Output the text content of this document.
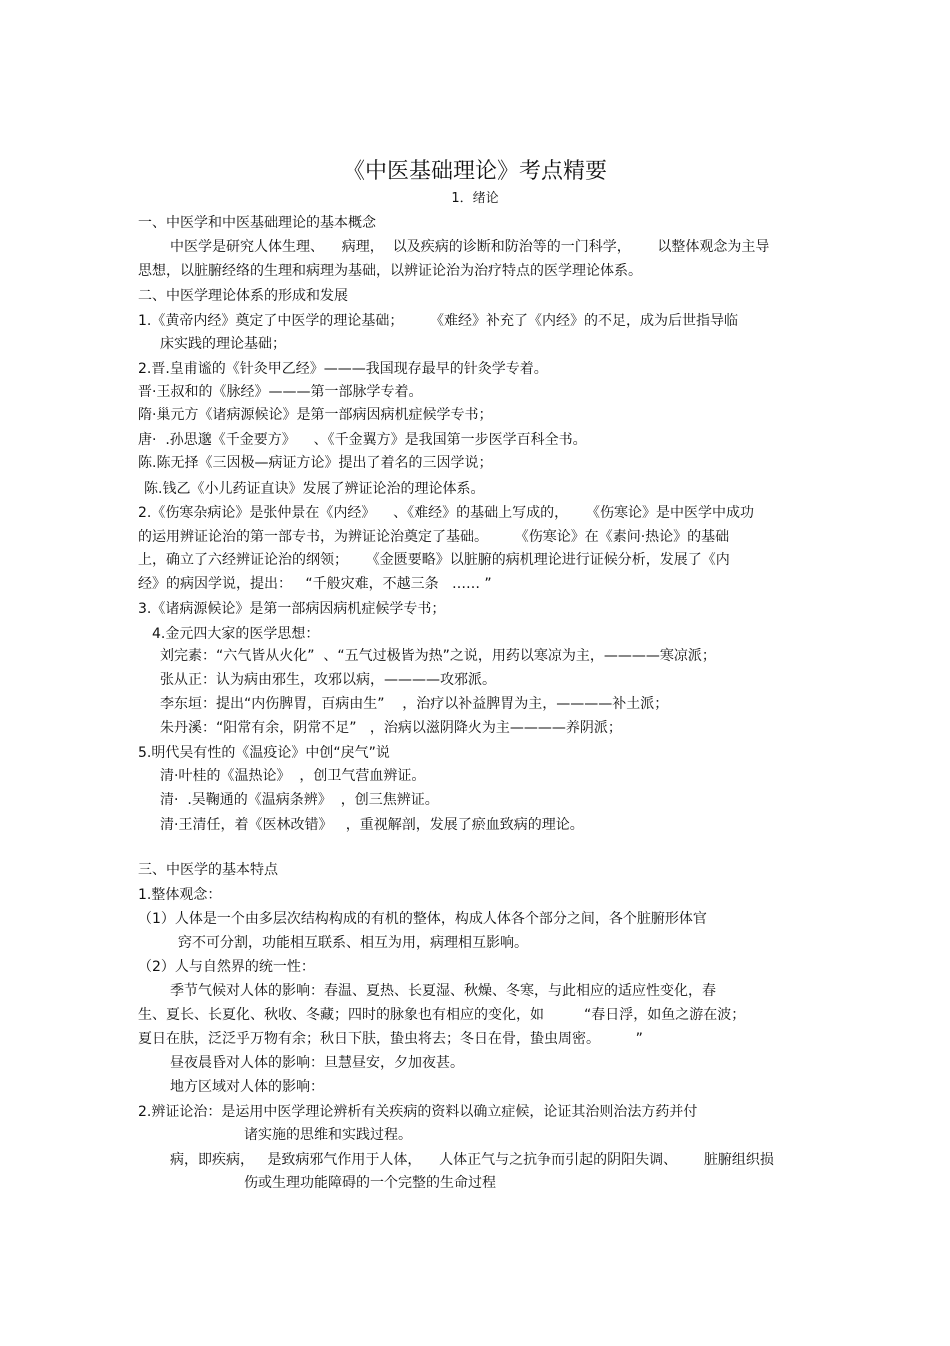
《中医基础理论》考点精要
1．绪论
一、中医学和中医基础理论的基本概念
中医学是研究人体生理、    病理，  以及疾病的诊断和防治等的一门科学，      以整体观念为主导
思想，以脏腑经络的生理和病理为基础，以辨证论治为治疗特点的医学理论体系。
二、中医学理论体系的形成和发展
1.《黄帝内经》奠定了中医学的理论基础；      《难经》补充了《内经》的不足，成为后世指导临
床实践的理论基础；
2.晋.皇甫谧的《针灸甲乙经》———我国现存最早的针灸学专着。
晋·王叔和的《脉经》———第一部脉学专着。
隋·巢元方《诸病源候论》是第一部病因病机症候学专书；
唐·  .孙思邈《千金要方》    、《千金翼方》是我国第一步医学百科全书。
陈.陈无择《三因极—病证方论》提出了着名的三因学说；
陈.钱乙《小儿药证直诀》发展了辨证论治的理论体系。
2.《伤寒杂病论》是张仲景在《内经》    、《难经》的基础上写成的，    《伤寒论》是中医学中成功
的运用辨证论治的第一部专书，为辨证论治奠定了基础。      《伤寒论》在《素问·热论》的基础
上，确立了六经辨证论治的纲领；    《金匮要略》以脏腑的病机理论进行证候分析，发展了《内
经》的病因学说，提出：   “千般灾难，不越三条   …… ”
3.《诸病源候论》是第一部病因病机症候学专书；
4.金元四大家的医学思想：
刘完素：“六气皆从火化”  、“五气过极皆为热”之说，用药以寒凉为主，————寒凉派；
张从正：认为病由邪生，攻邪以病，————攻邪派。
李东垣：提出“内伤脾胃，百病由生”    ，治疗以补益脾胃为主，————补土派；
朱丹溪：“阳常有余，阴常不足”   ，治病以滋阴降火为主————养阴派；
5.明代吴有性的《温疫论》中创“戾气”说
清·叶桂的《温热论》  ，创卫气营血辨证。
清·  .吴鞠通的《温病条辨》  ，创三焦辨证。
清·王清任，着《医林改错》   ，重视解剖，发展了瘀血致病的理论。
三、中医学的基本特点
1.整体观念：
（1）人体是一个由多层次结构构成的有机的整体，构成人体各个部分之间，各个脏腑形体官
窍不可分割，功能相互联系、相互为用，病理相互影响。
（2）人与自然界的统一性：
季节气候对人体的影响：春温、夏热、长夏湿、秋燥、冬寒，与此相应的适应性变化，春
生、夏长、长夏化、秋收、冬藏；四时的脉象也有相应的变化，如         “春日浮，如鱼之游在波；
夏日在肤，泛泛乎万物有余；秋日下肤，蛰虫将去；冬日在骨，蛰虫周密。        ”
昼夜晨昏对人体的影响：旦慧昼安，夕加夜甚。
地方区域对人体的影响：
2.辨证论治：是运用中医学理论辨析有关疾病的资料以确立症候，论证其治则治法方药并付
诸实施的思维和实践过程。
病，即疾病，   是致病邪气作用于人体，    人体正气与之抗争而引起的阴阳失调、      脏腑组织损
伤或生理功能障碍的一个完整的生命过程
